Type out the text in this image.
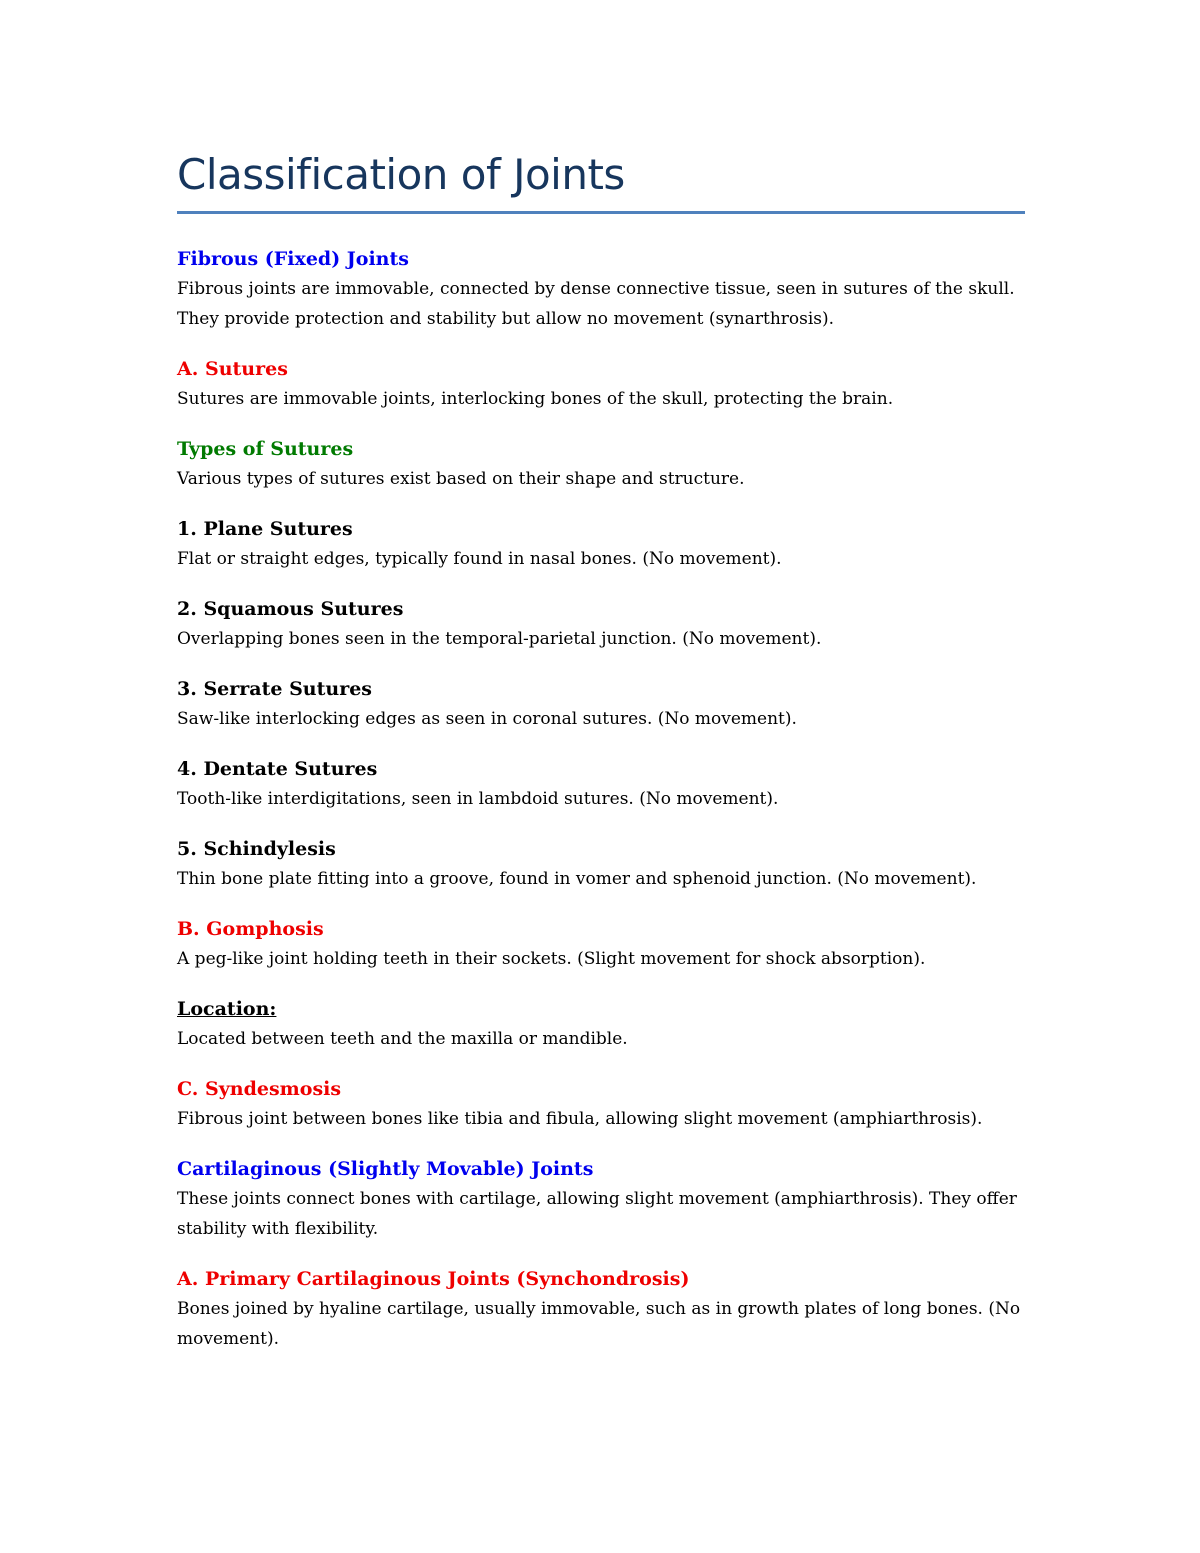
Classification of Joints
Fibrous (Fixed) Joints

Fibrous joints are immovable, connected by dense connective tissue, seen in sutures of the skull. They provide protection and stability but allow no movement (synarthrosis).

A. Sutures

Sutures are immovable joints, interlocking bones of the skull, protecting the brain.

Types of Sutures

Various types of sutures exist based on their shape and structure.

1. Plane Sutures

Flat or straight edges, typically found in nasal bones. (No movement).

2. Squamous Sutures

Overlapping bones seen in the temporal-parietal junction. (No movement).

3. Serrate Sutures

Saw-like interlocking edges as seen in coronal sutures. (No movement).

4. Dentate Sutures

Tooth-like interdigitations, seen in lambdoid sutures. (No movement).

5. Schindylesis

Thin bone plate fitting into a groove, found in vomer and sphenoid junction. (No movement).

B. Gomphosis

A peg-like joint holding teeth in their sockets. (Slight movement for shock absorption).

Location:

Located between teeth and the maxilla or mandible.

C. Syndesmosis

Fibrous joint between bones like tibia and fibula, allowing slight movement (amphiarthrosis).

Cartilaginous (Slightly Movable) Joints

These joints connect bones with cartilage, allowing slight movement (amphiarthrosis). They offer stability with flexibility.

A. Primary Cartilaginous Joints (Synchondrosis)

Bones joined by hyaline cartilage, usually immovable, such as in growth plates of long bones. (No movement).
